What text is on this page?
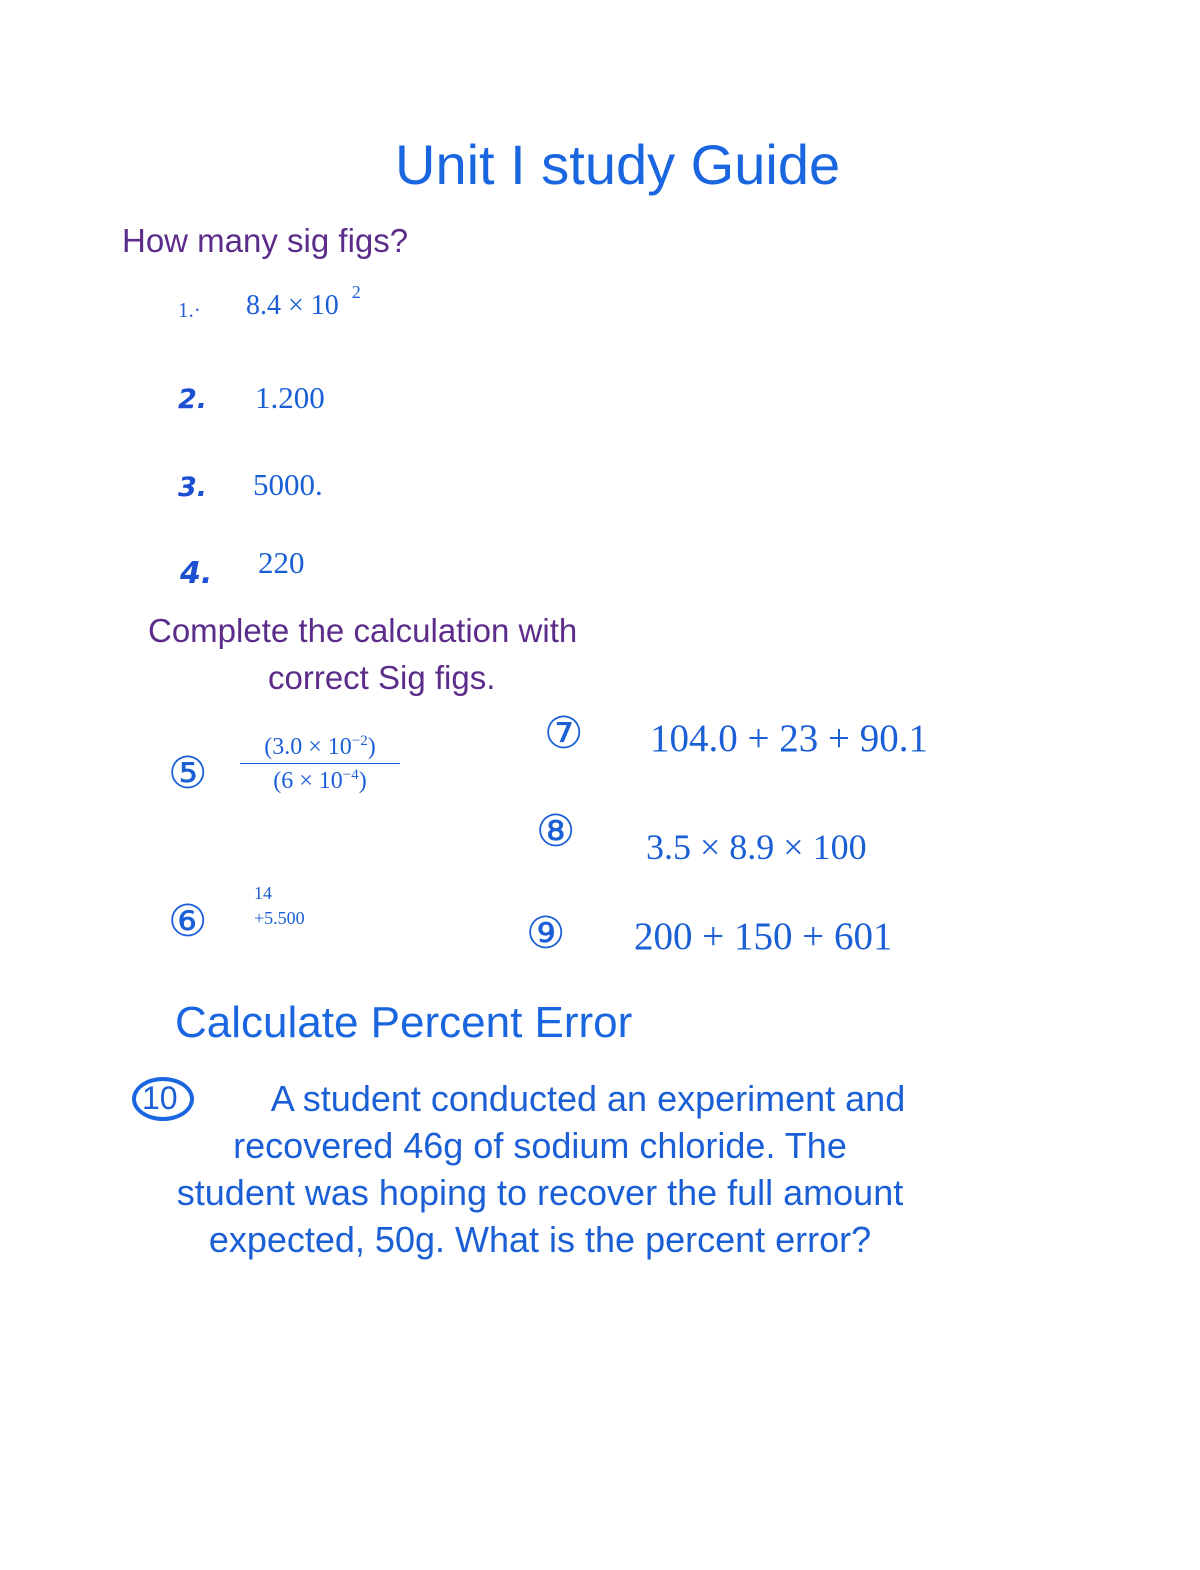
Unit I study Guide
How many sig figs?
1.· 8.4 × 10 $^2$
2. 1.200
3. 5000.
4. 220
Complete the calculation with
correct Sig figs.
⑤
$(3.0 \times 10^{-2})$
$(6 \times 10^{-4})$
⑥
14
+5.500
⑦ 104.0 + 23 + 90.1
⑧ 3.5 × 8.9 × 100
⑨ 200 + 150 + 601
Calculate Percent Error
10	A student conducted an experiment and
recovered 46g of sodium chloride. The
student was hoping to recover the full amount
expected, 50g. What is the percent error?
